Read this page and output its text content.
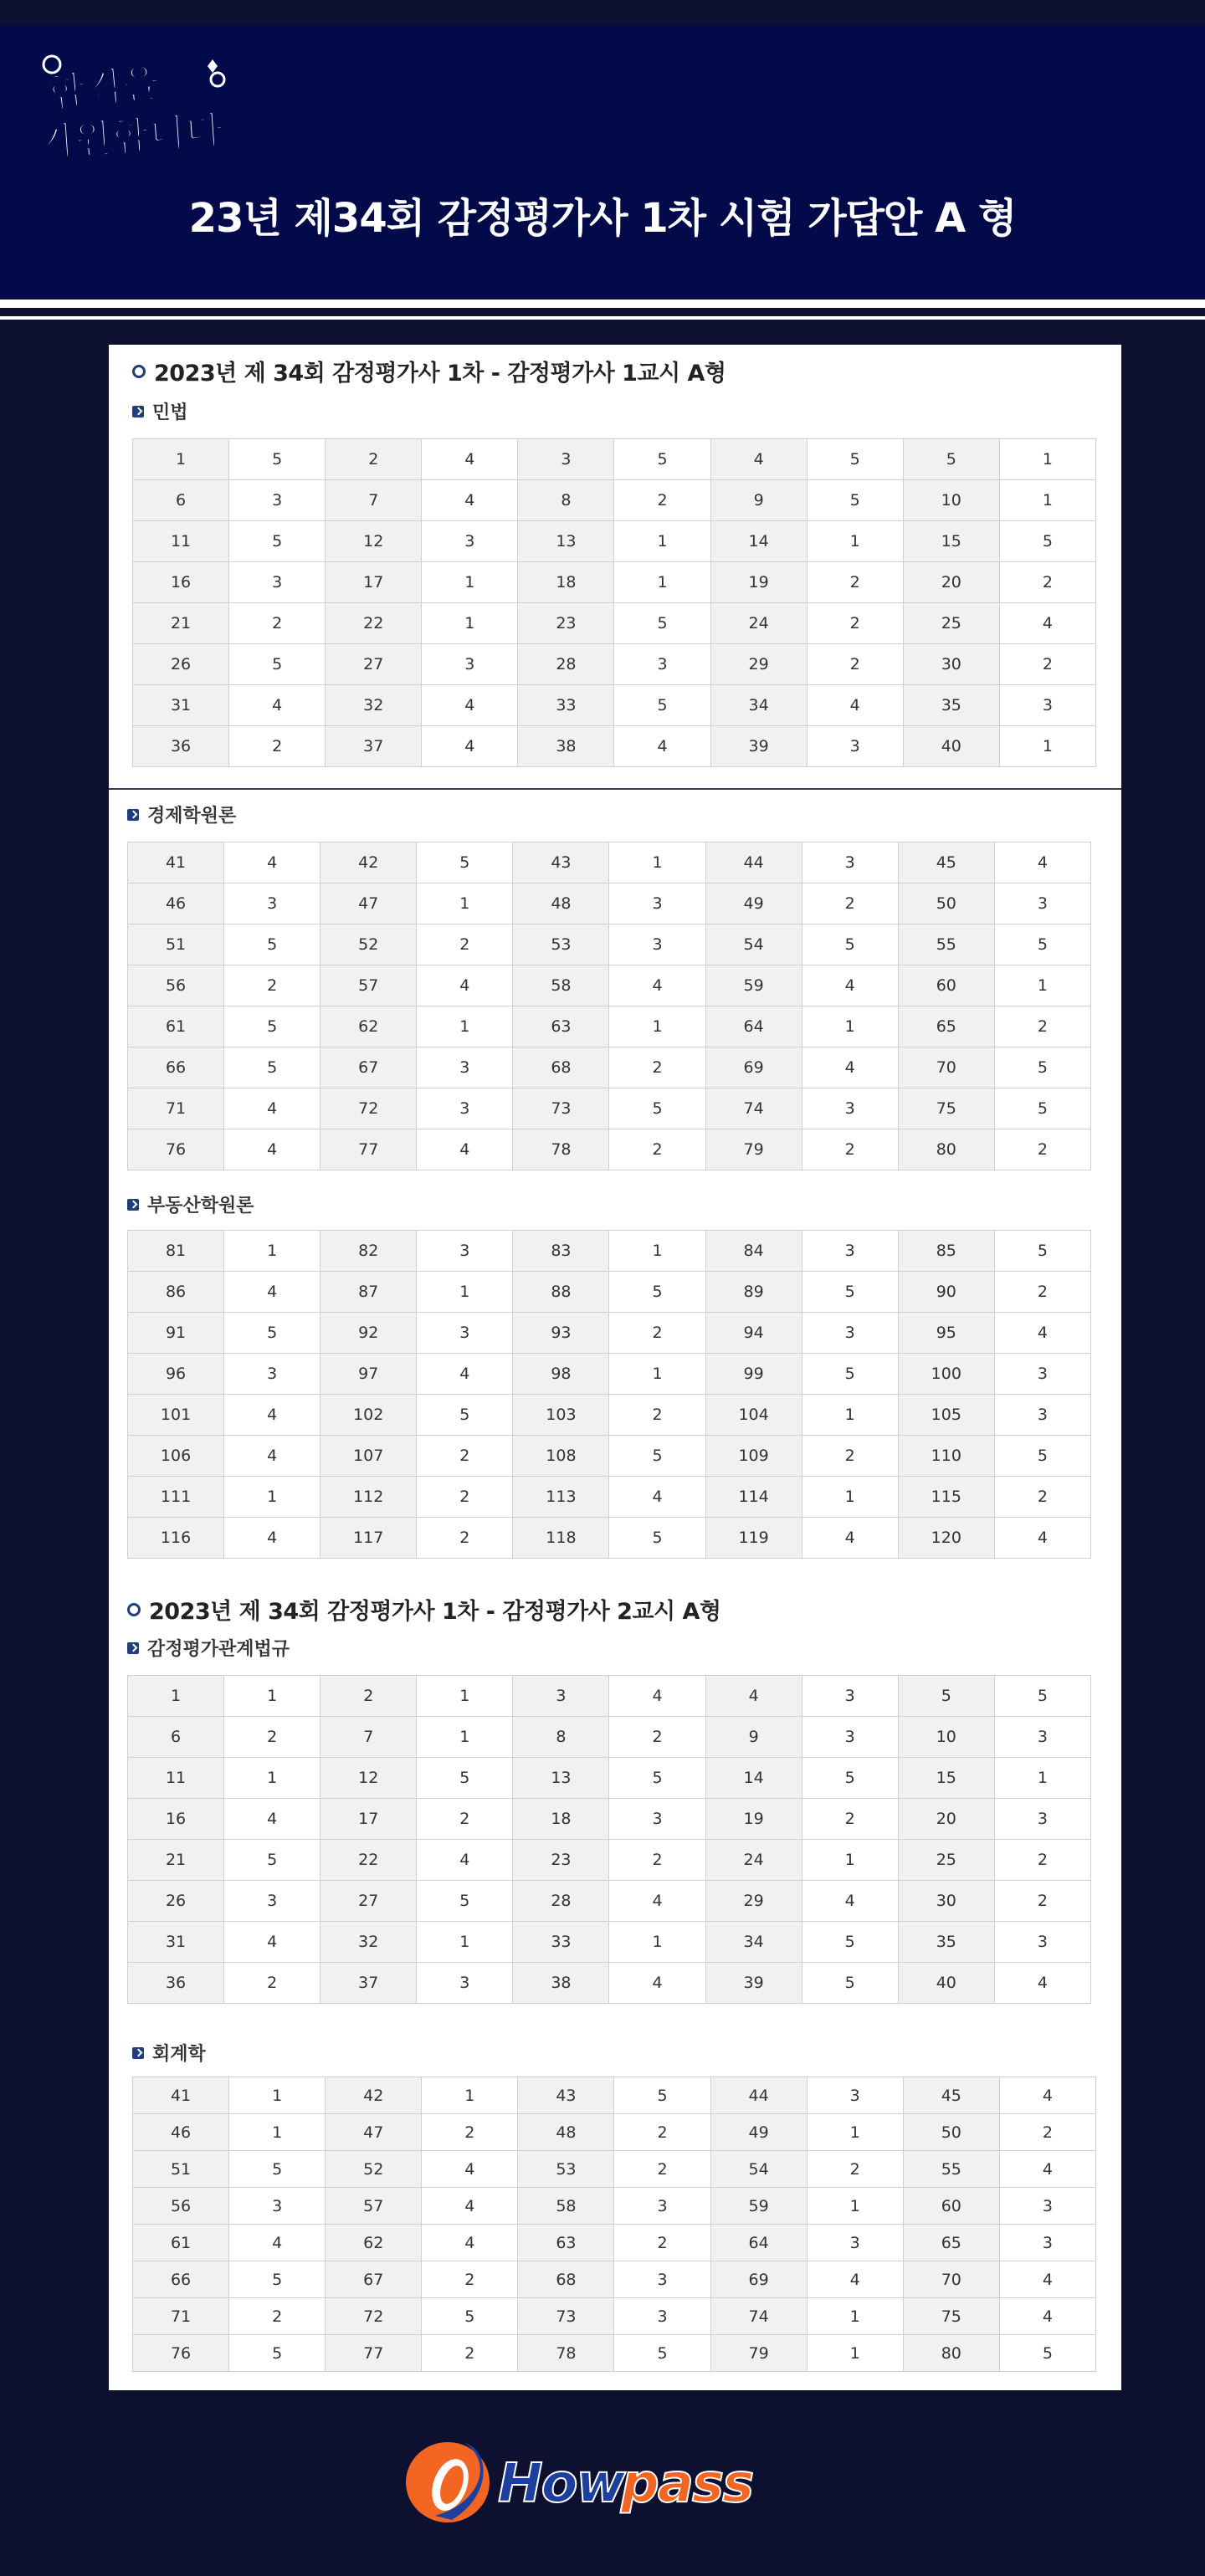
합격을
기원합니다
23년 제34회 감정평가사 1차 시험 가답안 A 형
2023년 제 34회 감정평가사 1차 - 감정평가사 1교시 A형
민법
1	5	2	4	3	5	4	5	5	1
6	3	7	4	8	2	9	5	10	1
11	5	12	3	13	1	14	1	15	5
16	3	17	1	18	1	19	2	20	2
21	2	22	1	23	5	24	2	25	4
26	5	27	3	28	3	29	2	30	2
31	4	32	4	33	5	34	4	35	3
36	2	37	4	38	4	39	3	40	1
경제학원론
41	4	42	5	43	1	44	3	45	4
46	3	47	1	48	3	49	2	50	3
51	5	52	2	53	3	54	5	55	5
56	2	57	4	58	4	59	4	60	1
61	5	62	1	63	1	64	1	65	2
66	5	67	3	68	2	69	4	70	5
71	4	72	3	73	5	74	3	75	5
76	4	77	4	78	2	79	2	80	2
부동산학원론
81	1	82	3	83	1	84	3	85	5
86	4	87	1	88	5	89	5	90	2
91	5	92	3	93	2	94	3	95	4
96	3	97	4	98	1	99	5	100	3
101	4	102	5	103	2	104	1	105	3
106	4	107	2	108	5	109	2	110	5
111	1	112	2	113	4	114	1	115	2
116	4	117	2	118	5	119	4	120	4
2023년 제 34회 감정평가사 1차 - 감정평가사 2교시 A형
감정평가관계법규
1	1	2	1	3	4	4	3	5	5
6	2	7	1	8	2	9	3	10	3
11	1	12	5	13	5	14	5	15	1
16	4	17	2	18	3	19	2	20	3
21	5	22	4	23	2	24	1	25	2
26	3	27	5	28	4	29	4	30	2
31	4	32	1	33	1	34	5	35	3
36	2	37	3	38	4	39	5	40	4
회계학
41	1	42	1	43	5	44	3	45	4
46	1	47	2	48	2	49	1	50	2
51	5	52	4	53	2	54	2	55	4
56	3	57	4	58	3	59	1	60	3
61	4	62	4	63	2	64	3	65	3
66	5	67	2	68	3	69	4	70	4
71	2	72	5	73	3	74	1	75	4
76	5	77	2	78	5	79	1	80	5
How
pass
